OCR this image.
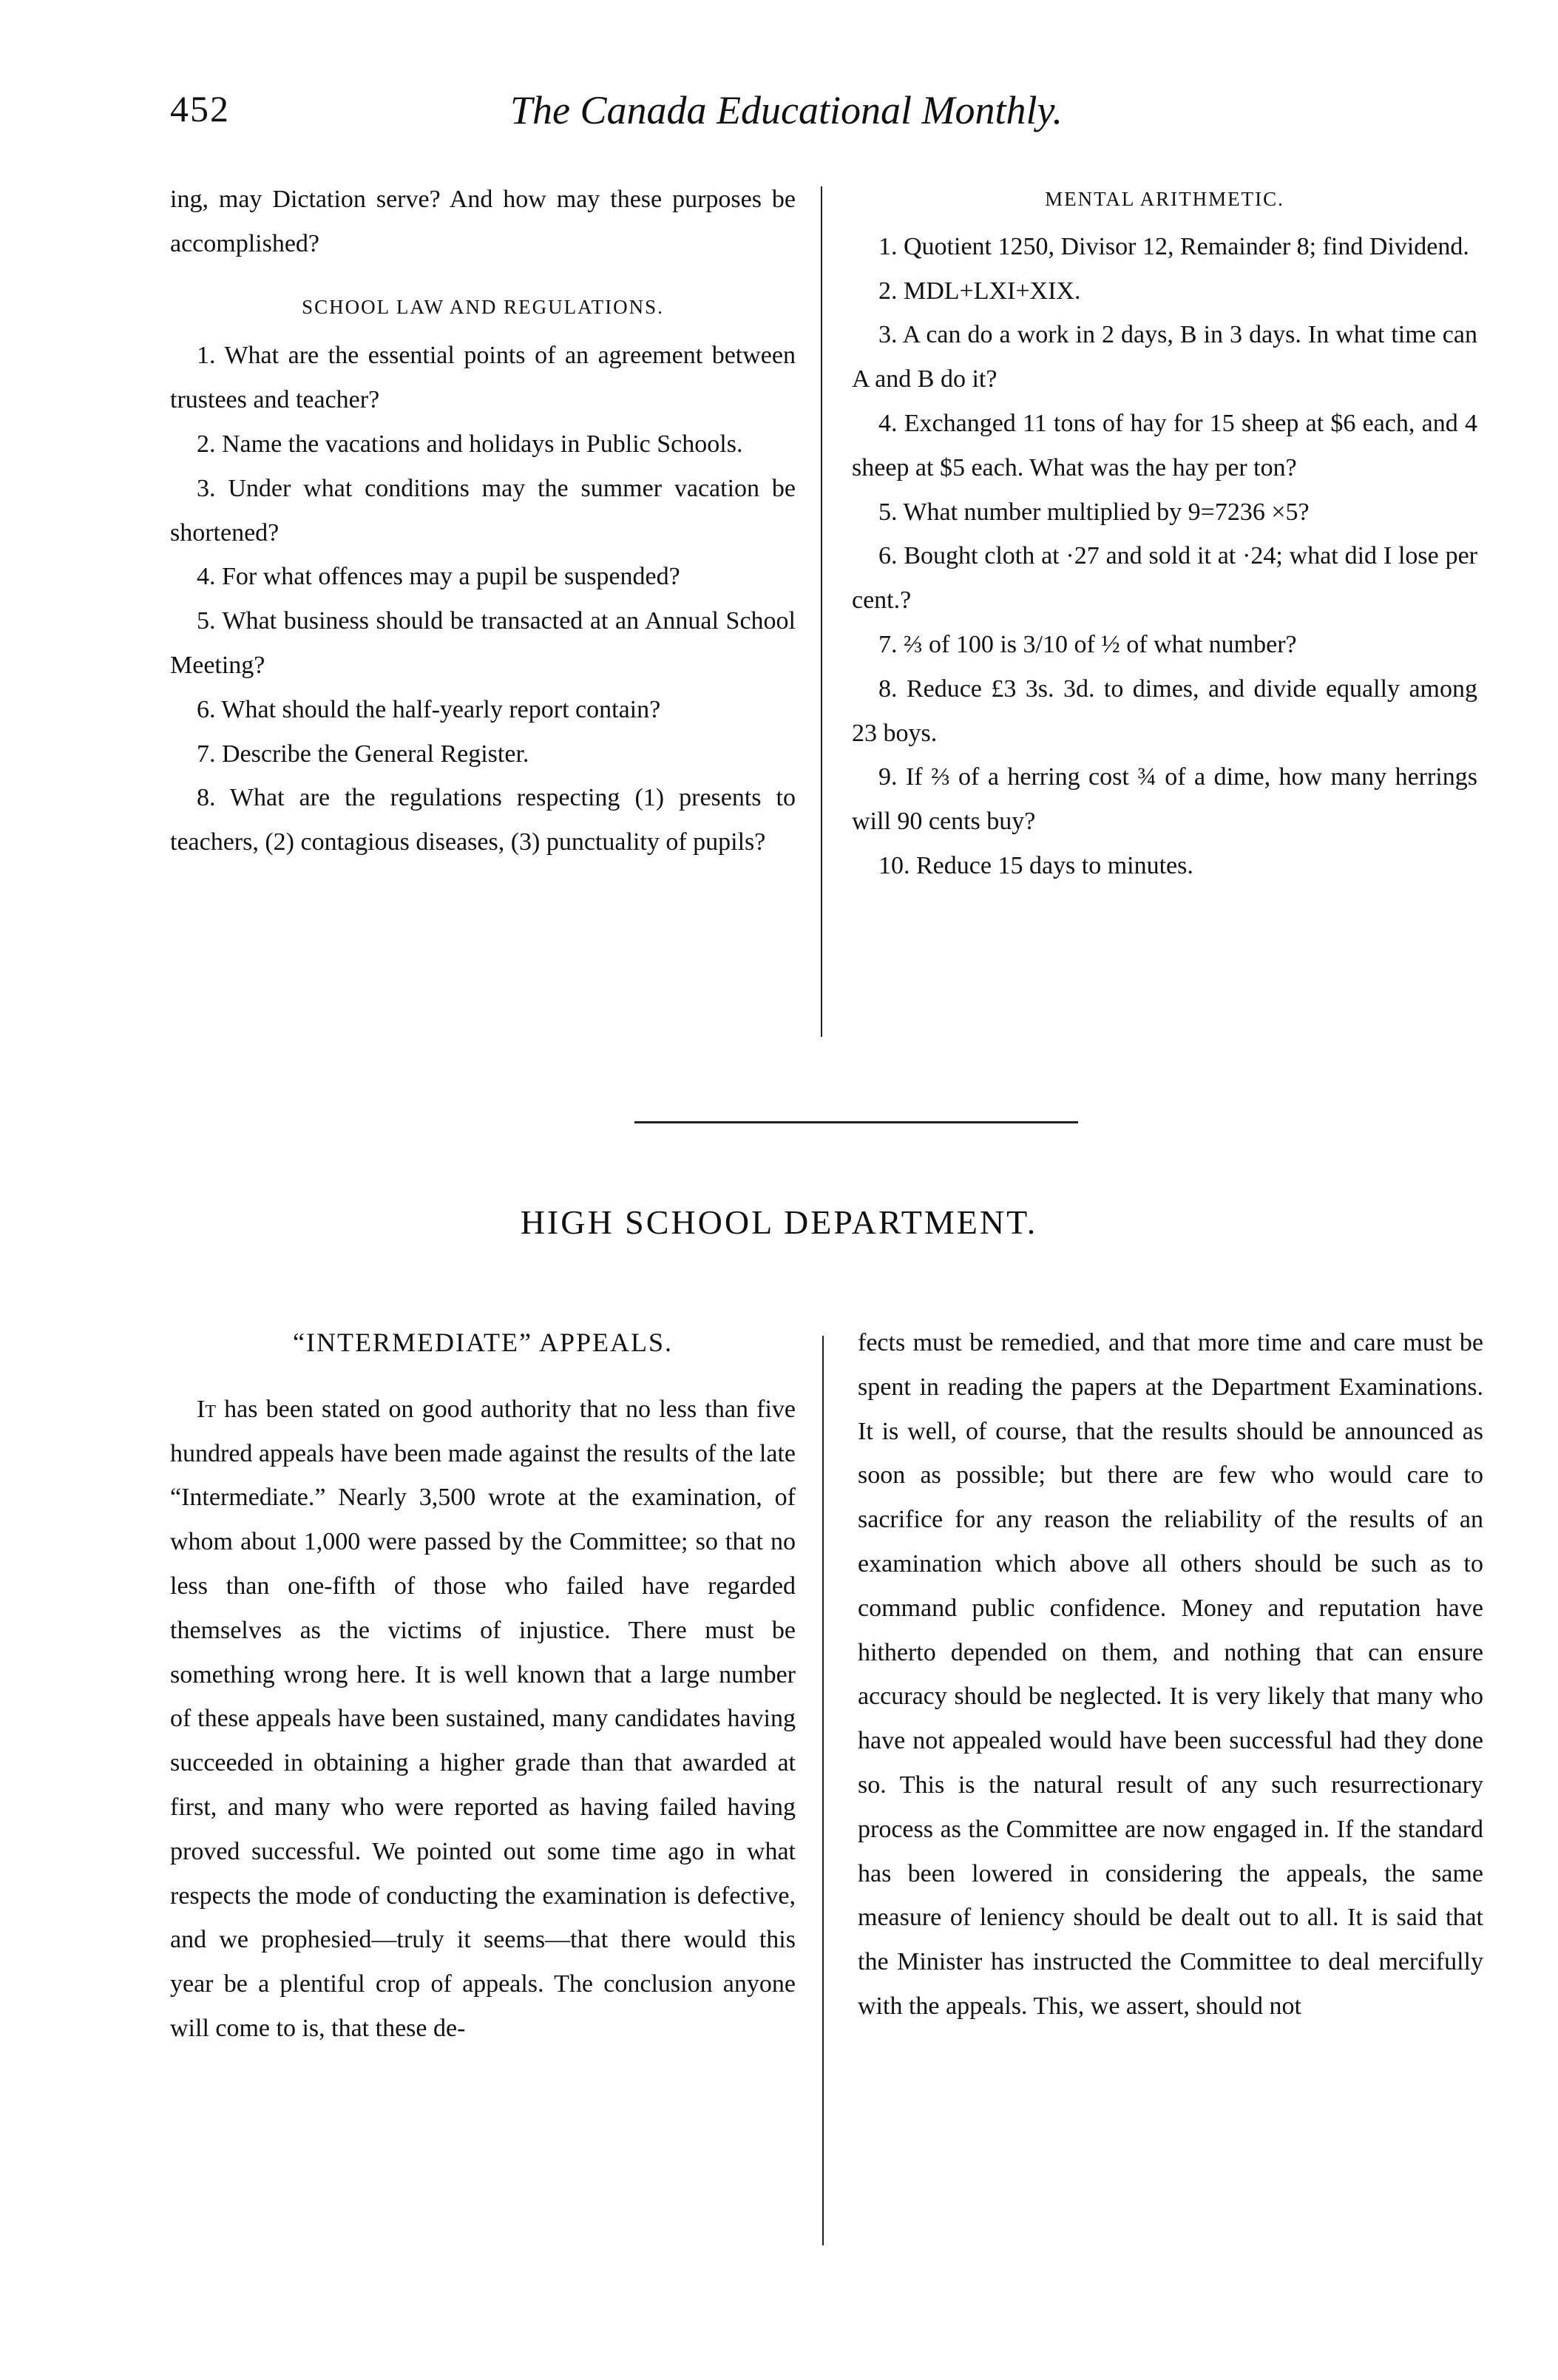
452	The Canada Educational Monthly.

ing, may Dictation serve? And how may these purposes be accomplished?

SCHOOL LAW AND REGULATIONS.

1. What are the essential points of an agreement between trustees and teacher?

2. Name the vacations and holidays in Public Schools.

3. Under what conditions may the summer vacation be shortened?

4. For what offences may a pupil be suspended?

5. What business should be transacted at an Annual School Meeting?

6. What should the half-yearly report contain?

7. Describe the General Register.

8. What are the regulations respecting (1) presents to teachers, (2) contagious diseases, (3) punctuality of pupils?

MENTAL ARITHMETIC.

1. Quotient 1250, Divisor 12, Remainder 8; find Dividend.

2. MDL+LXI+XIX.

3. A can do a work in 2 days, B in 3 days. In what time can A and B do it?

4. Exchanged 11 tons of hay for 15 sheep at $6 each, and 4 sheep at $5 each. What was the hay per ton?

5. What number multiplied by 9=7236 ×5?

6. Bought cloth at ·27 and sold it at ·24; what did I lose per cent.?

7. ⅔ of 100 is 3/10 of ½ of what number?

8. Reduce £3 3s. 3d. to dimes, and divide equally among 23 boys.

9. If ⅔ of a herring cost ¾ of a dime, how many herrings will 90 cents buy?

10. Reduce 15 days to minutes.

HIGH SCHOOL DEPARTMENT.

“INTERMEDIATE” APPEALS.

It has been stated on good authority that no less than five hundred appeals have been made against the results of the late “Intermediate.” Nearly 3,500 wrote at the examination, of whom about 1,000 were passed by the Committee; so that no less than one-fifth of those who failed have regarded themselves as the victims of injustice. There must be something wrong here. It is well known that a large number of these appeals have been sustained, many candidates having succeeded in obtaining a higher grade than that awarded at first, and many who were reported as having failed having proved successful. We pointed out some time ago in what respects the mode of conducting the examination is defective, and we prophesied—truly it seems—that there would this year be a plentiful crop of appeals. The conclusion anyone will come to is, that these de-

fects must be remedied, and that more time and care must be spent in reading the papers at the Department Examinations. It is well, of course, that the results should be announced as soon as possible; but there are few who would care to sacrifice for any reason the reliability of the results of an examination which above all others should be such as to command public confidence. Money and reputation have hitherto depended on them, and nothing that can ensure accuracy should be neglected. It is very likely that many who have not appealed would have been successful had they done so. This is the natural result of any such resurrectionary process as the Committee are now engaged in. If the standard has been lowered in considering the appeals, the same measure of leniency should be dealt out to all. It is said that the Minister has instructed the Committee to deal mercifully with the appeals. This, we assert, should not
